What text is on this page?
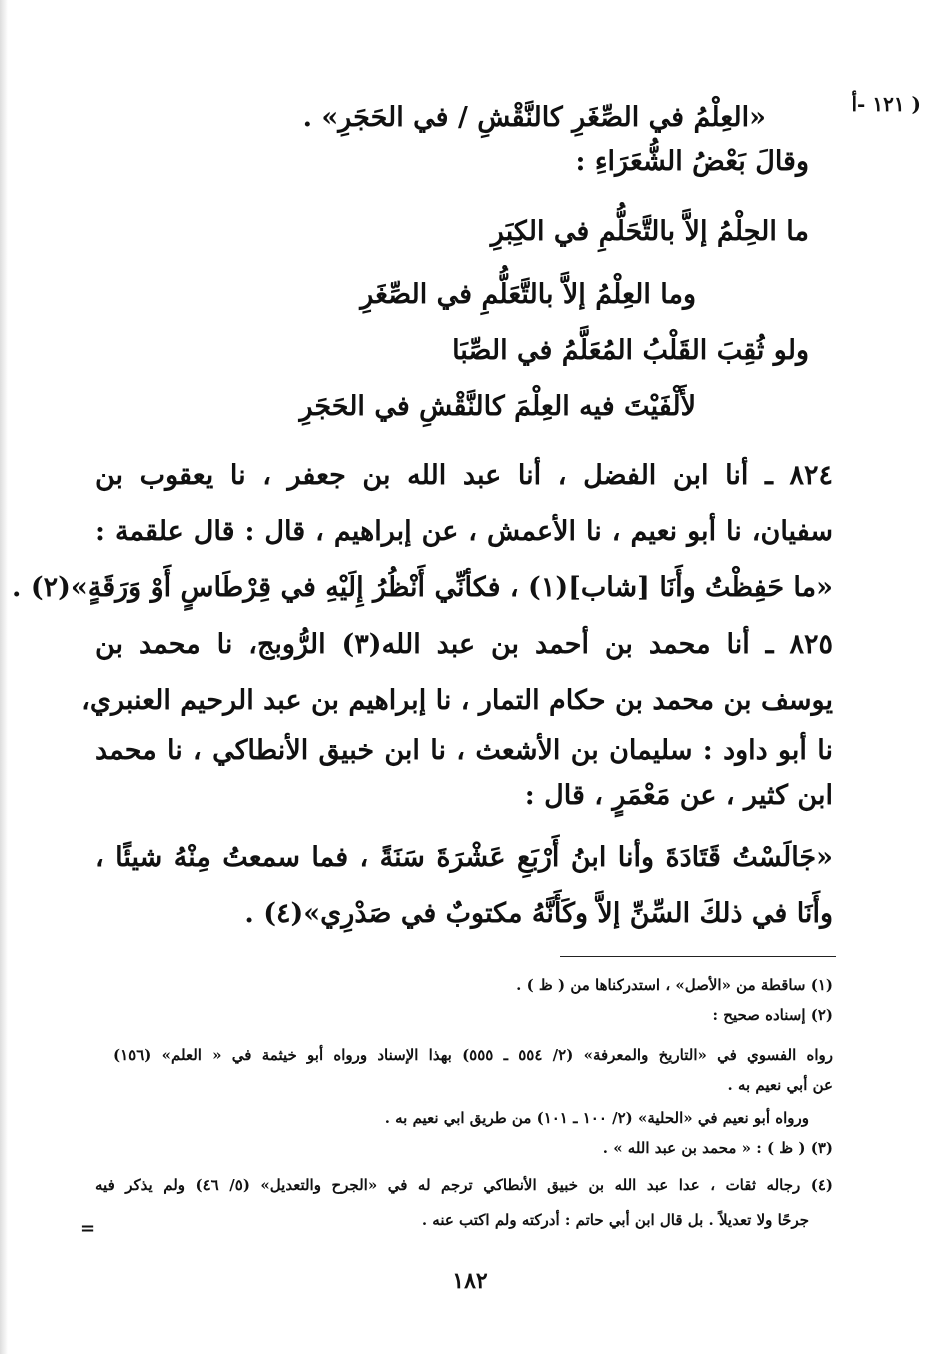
( ١٢١ -أ
«العِلْمُ في الصِّغَرِ كالنَّقْشِ / في الحَجَرِ» .
وقالَ بَعْضُ الشُّعَرَاءِ :
ما الحِلْمُ إلاَّ بالتَّحَلُّمِ في الكِبَرِ
وما العِلْمُ إلاَّ بالتَّعَلُّمِ في الصِّغَرِ
ولو ثُقِبَ القَلْبُ المُعَلَّمُ في الصِّبَا
لأَلْفَيْتَ فيه العِلْمَ كالنَّقْشِ في الحَجَرِ
٨٢٤ ـ أنا ابن الفضل ، أنا عبد الله بن جعفر ، نا يعقوب بن
سفيان، نا أبو نعيم ، نا الأعمش ، عن إبراهيم ، قال : قال علقمة :
«ما حَفِظْتُ وأَنَا [شاب](١) ، فكأنِّي أَنْظُرُ إِلَيْهِ في قِرْطَاسٍ أَوْ وَرَقَةٍ»(٢) .
٨٢٥ ـ أنا محمد بن أحمد بن عبد الله(٣) الرُّوبج، نا محمد بن
يوسف بن محمد بن حكام التمار ، نا إبراهيم بن عبد الرحيم العنبري،
نا أبو داود : سليمان بن الأشعث ، نا ابن خبيق الأنطاكي ، نا محمد
ابن كثير ، عن مَعْمَرٍ ، قال :
«جَالَسْتُ قَتَادَةَ وأنا ابنُ أَرْبَعِ عَشْرَةَ سَنَةً ، فما سمعتُ مِنْهُ شيئًا ،
وأَنَا في ذلكَ السِّنِّ إلاَّ وكَأَنَّهُ مكتوبٌ في صَدْرِي»(٤) .
(١) ساقطة من «الأصل» ، استدركناها من ( ظ ) .
(٢) إسناده صحيح :
رواه الفسوي في «التاريخ والمعرفة» (٢/ ٥٥٤ ـ ٥٥٥) بهذا الإسناد ورواه أبو خيثمة في « العلم» (١٥٦)
عن أبي نعيم به .
ورواه أبو نعيم في «الحلية» (٢/ ١٠٠ ـ ١٠١) من طريق ابي نعيم به .
(٣) ( ظ ) : « محمد بن عبد الله » .
(٤) رجاله ثقات ، عدا عبد الله بن خبيق الأنطاكي ترجم له في «الجرح والتعديل» (٥/ ٤٦) ولم يذكر فيه
جرحًا ولا تعديلاً . بل قال ابن أبي حاتم : أدركته ولم اكتب عنه .
=
١٨٢
